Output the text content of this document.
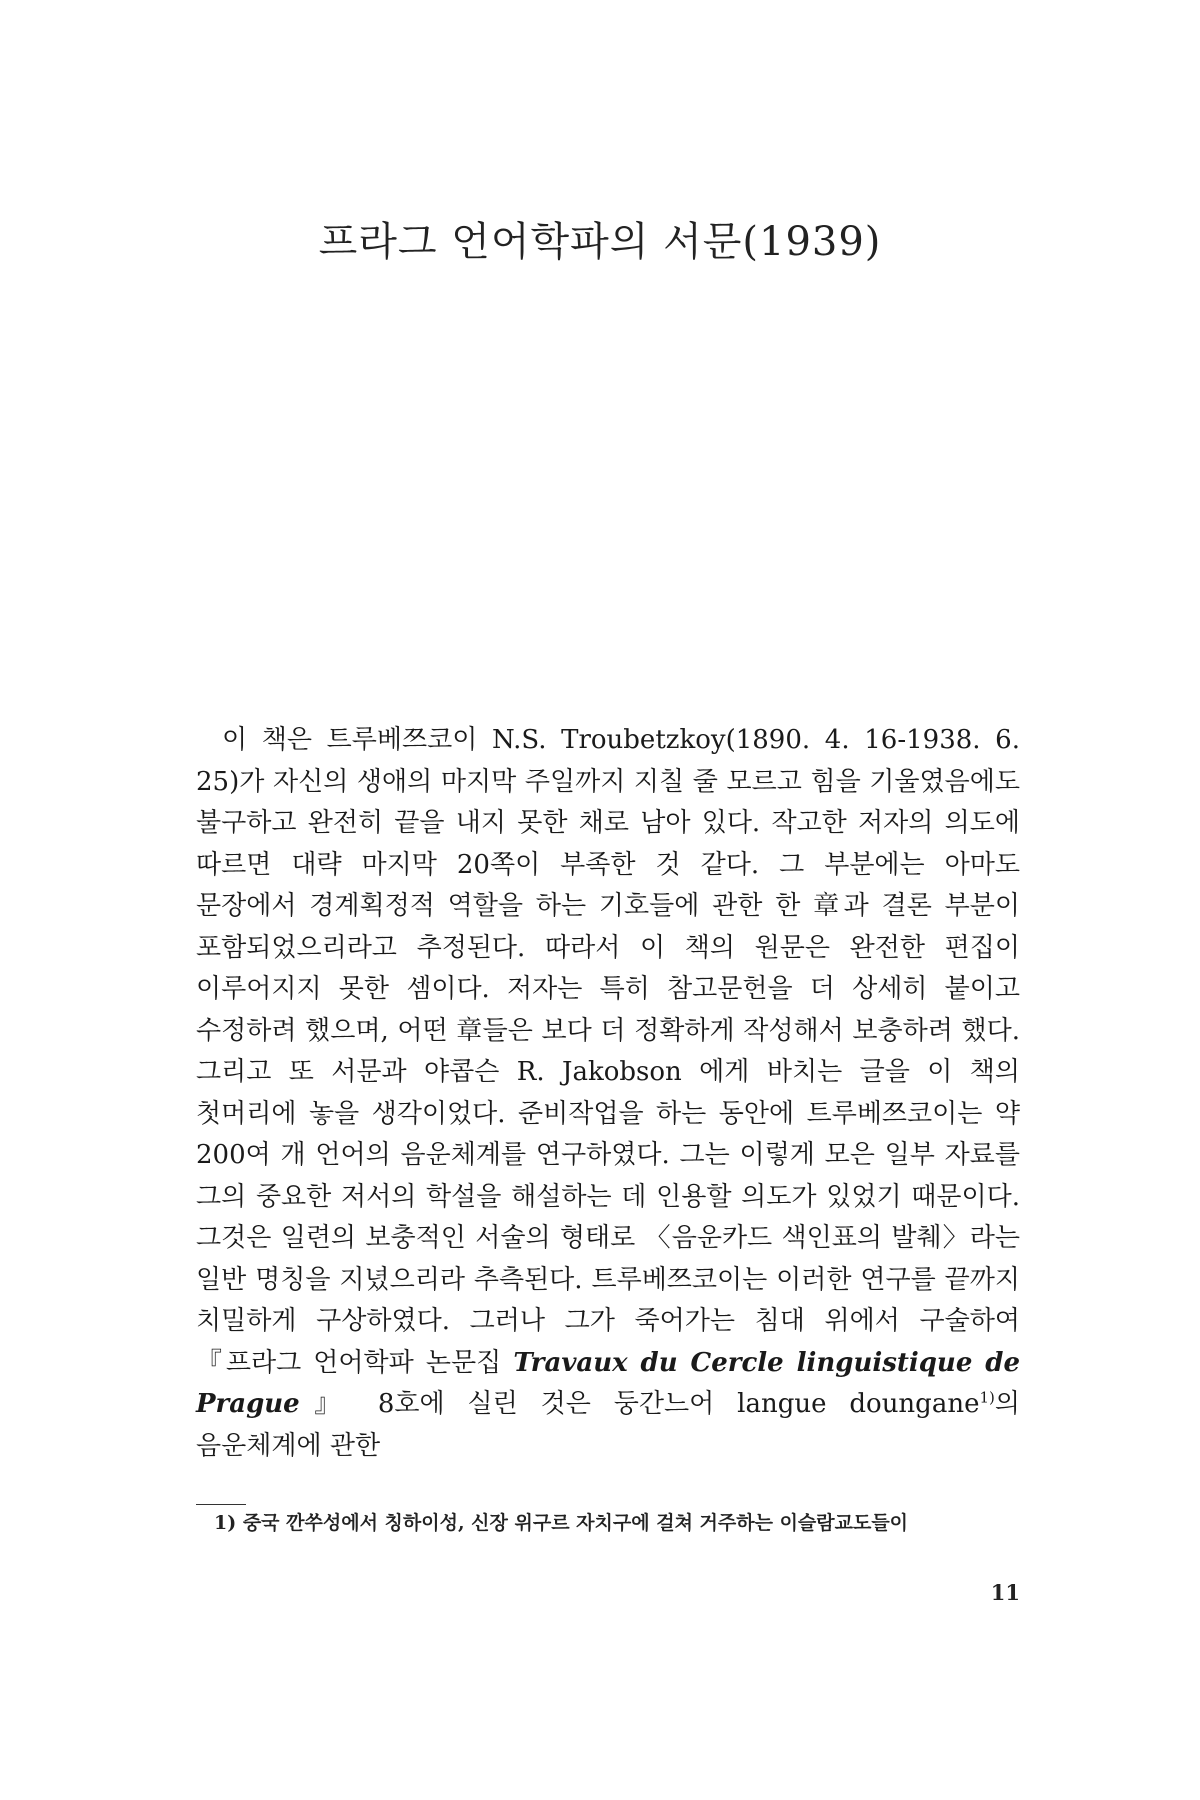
프라그 언어학파의 서문(1939)

이 책은 트루베쯔코이 N.S. Troubetzkoy(1890. 4. 16-1938. 6. 25)가 자신의 생애의 마지막 주일까지 지칠 줄 모르고 힘을 기울였음에도 불구하고 완전히 끝을 내지 못한 채로 남아 있다. 작고한 저자의 의도에 따르면 대략 마지막 20쪽이 부족한 것 같다. 그 부분에는 아마도 문장에서 경계획정적 역할을 하는 기호들에 관한 한 章과 결론 부분이 포함되었으리라고 추정된다. 따라서 이 책의 원문은 완전한 편집이 이루어지지 못한 셈이다. 저자는 특히 참고문헌을 더 상세히 붙이고 수정하려 했으며, 어떤 章들은 보다 더 정확하게 작성해서 보충하려 했다. 그리고 또 서문과 야콥슨 R. Jakobson 에게 바치는 글을 이 책의 첫머리에 놓을 생각이었다. 준비작업을 하는 동안에 트루베쯔코이는 약 200여 개 언어의 음운체계를 연구하였다. 그는 이렇게 모은 일부 자료를 그의 중요한 저서의 학설을 해설하는 데 인용할 의도가 있었기 때문이다. 그것은 일련의 보충적인 서술의 형태로 〈음운카드 색인표의 발췌〉라는 일반 명칭을 지녔으리라 추측된다. 트루베쯔코이는 이러한 연구를 끝까지 치밀하게 구상하였다. 그러나 그가 죽어가는 침대 위에서 구술하여 『프라그 언어학파 논문집 Travaux du Cercle linguistique de Prague』 8호에 실린 것은 둥간느어 langue doungane$^{1)}$의 음운체계에 관한

1) 중국 깐쑤성에서 칭하이성, 신장 위구르 자치구에 걸쳐 거주하는 이슬람교도들이

11
